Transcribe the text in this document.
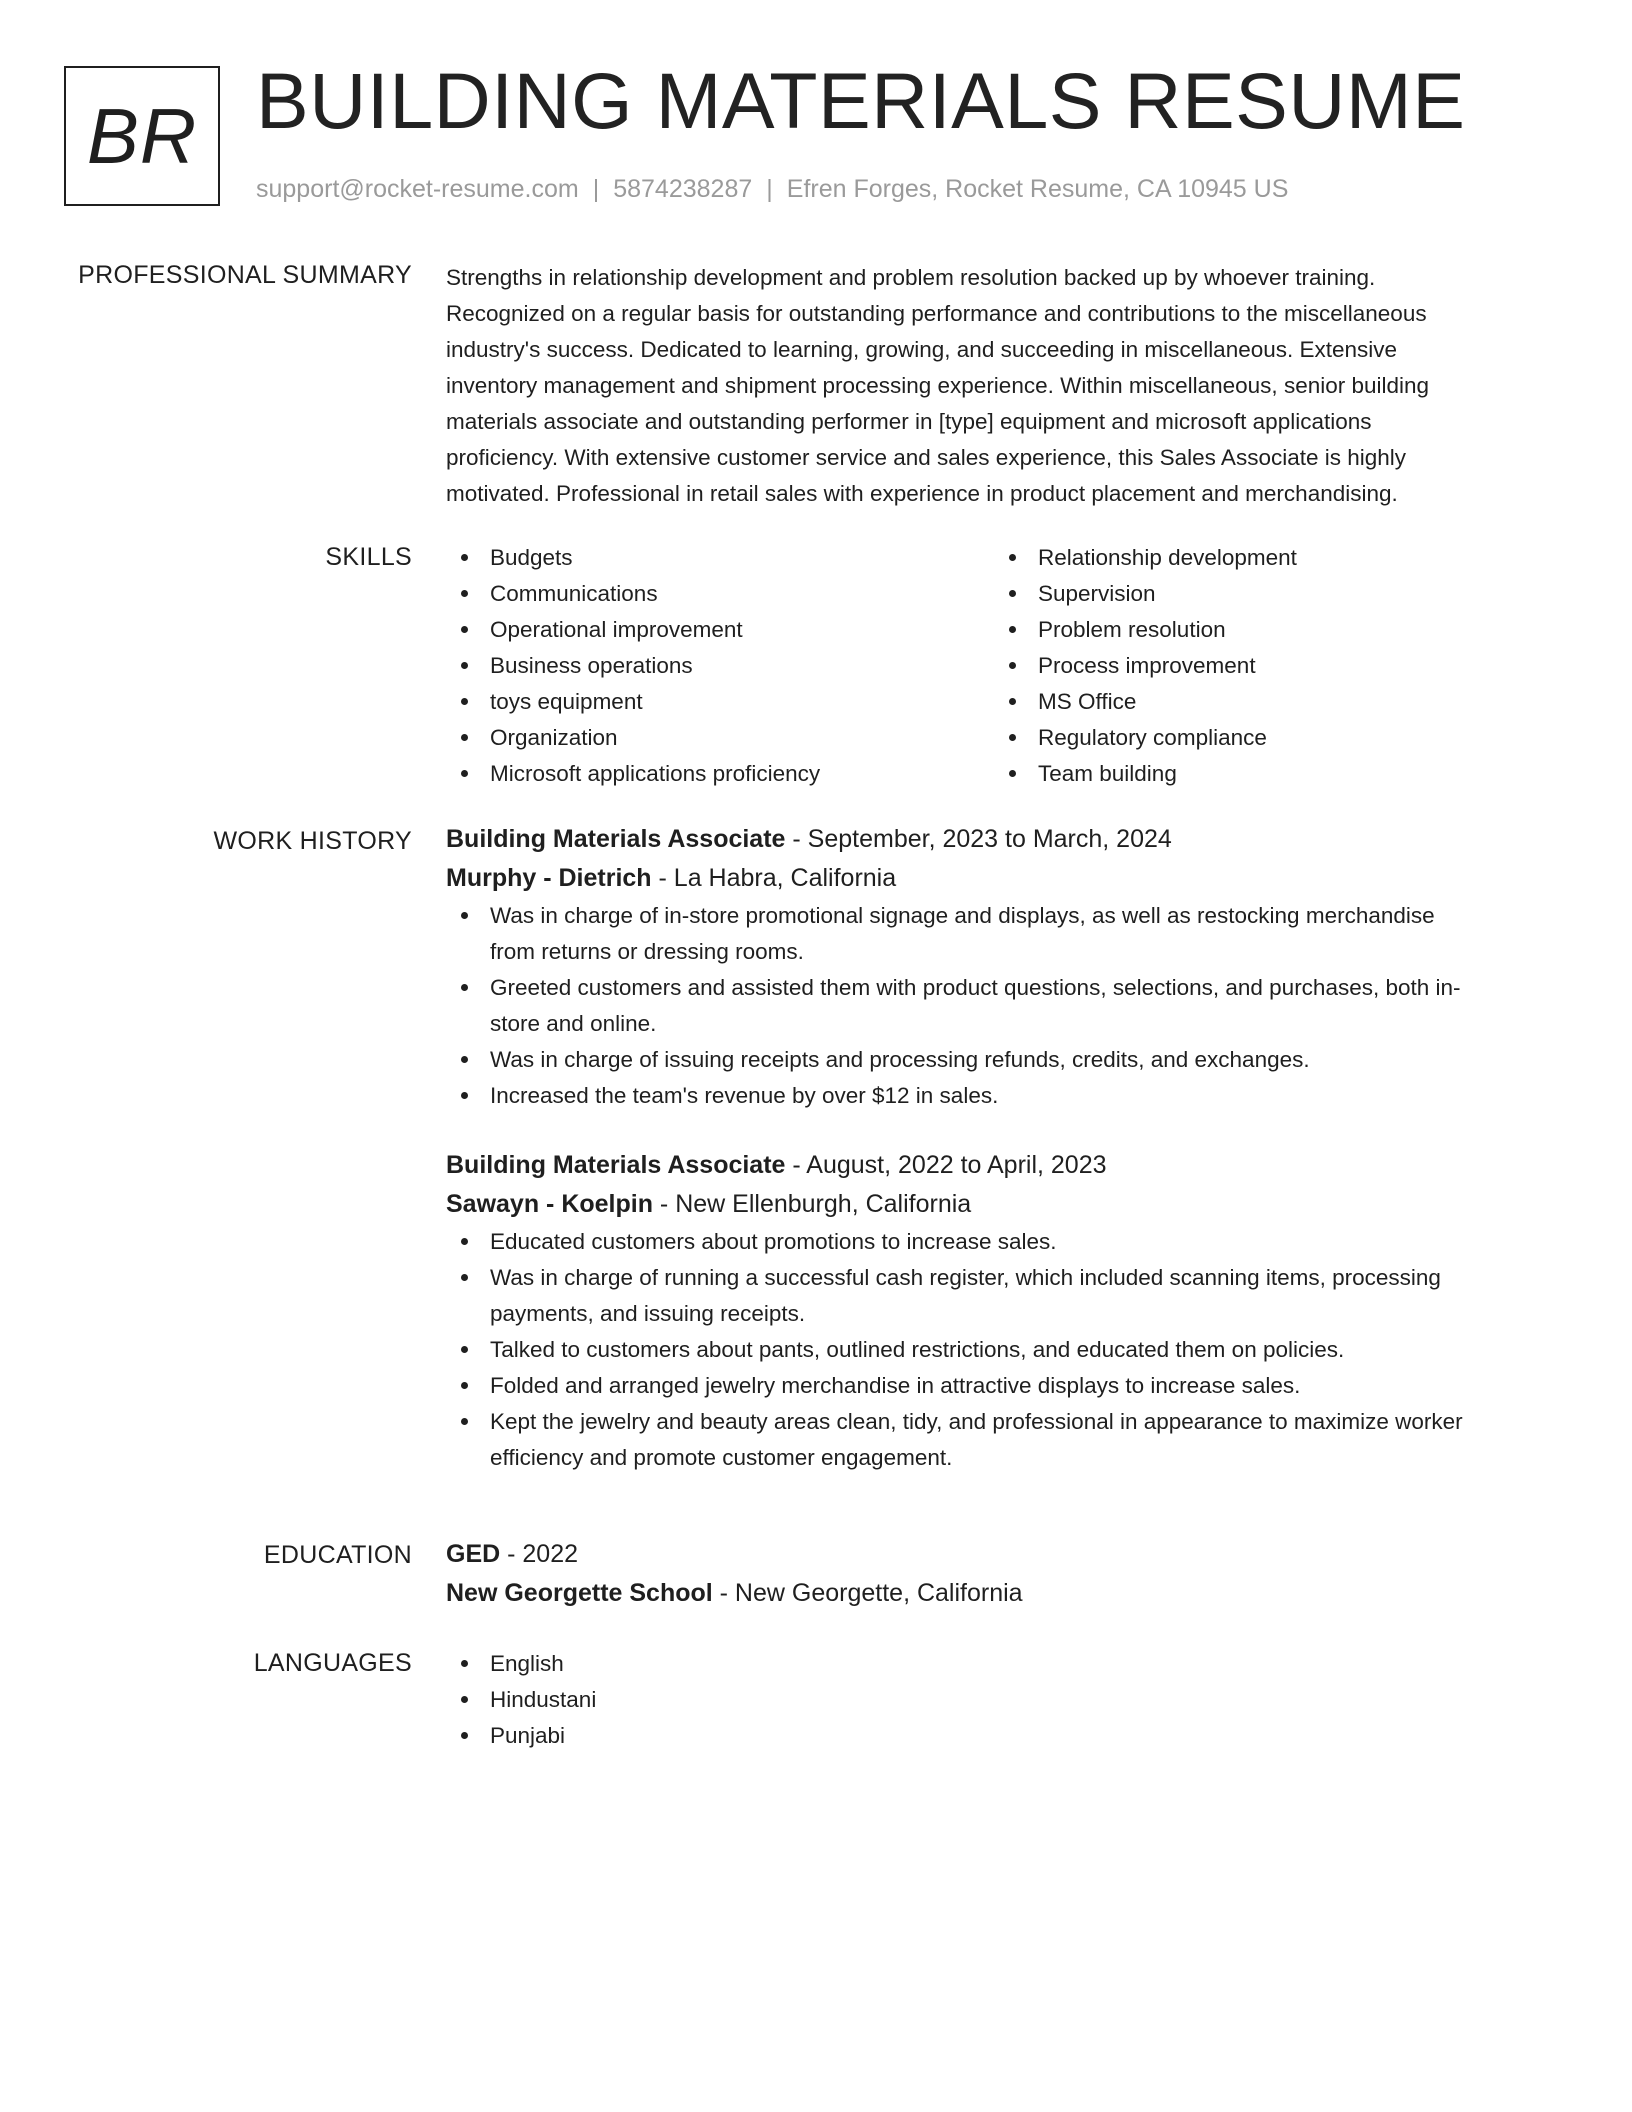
BR BUILDING MATERIALS RESUME
support@rocket-resume.com | 5874238287 | Efren Forges, Rocket Resume, CA 10945 US
PROFESSIONAL SUMMARY Strengths in relationship development and problem resolution backed up by whoever training.
Recognized on a regular basis for outstanding performance and contributions to the miscellaneous
industry's success. Dedicated to learning, growing, and succeeding in miscellaneous. Extensive
inventory management and shipment processing experience. Within miscellaneous, senior building
materials associate and outstanding performer in [type] equipment and microsoft applications
proficiency. With extensive customer service and sales experience, this Sales Associate is highly
motivated. Professional in retail sales with experience in product placement and merchandising.

SKILLS	Budgets
Communications
Operational improvement
Business operations
toys equipment
Organization
Microsoft applications proficiency
Relationship development
Supervision
Problem resolution
Process improvement
MS Office
Regulatory compliance
Team building
WORK HISTORY Building Materials Associate - September, 2023 to March, 2024
Murphy - Dietrich - La Habra, California
Was in charge of in-store promotional signage and displays, as well as restocking merchandise
from returns or dressing rooms.
Greeted customers and assisted them with product questions, selections, and purchases, both in-
store and online.
Was in charge of issuing receipts and processing refunds, credits, and exchanges.
Increased the team's revenue by over $12 in sales.
Building Materials Associate - August, 2022 to April, 2023
Sawayn - Koelpin - New Ellenburgh, California
Educated customers about promotions to increase sales.
Was in charge of running a successful cash register, which included scanning items, processing
payments, and issuing receipts.
Talked to customers about pants, outlined restrictions, and educated them on policies.
Folded and arranged jewelry merchandise in attractive displays to increase sales.
Kept the jewelry and beauty areas clean, tidy, and professional in appearance to maximize worker
efficiency and promote customer engagement.
EDUCATION GED - 2022
New Georgette School - New Georgette, California
LANGUAGES	English
Hindustani
Punjabi
